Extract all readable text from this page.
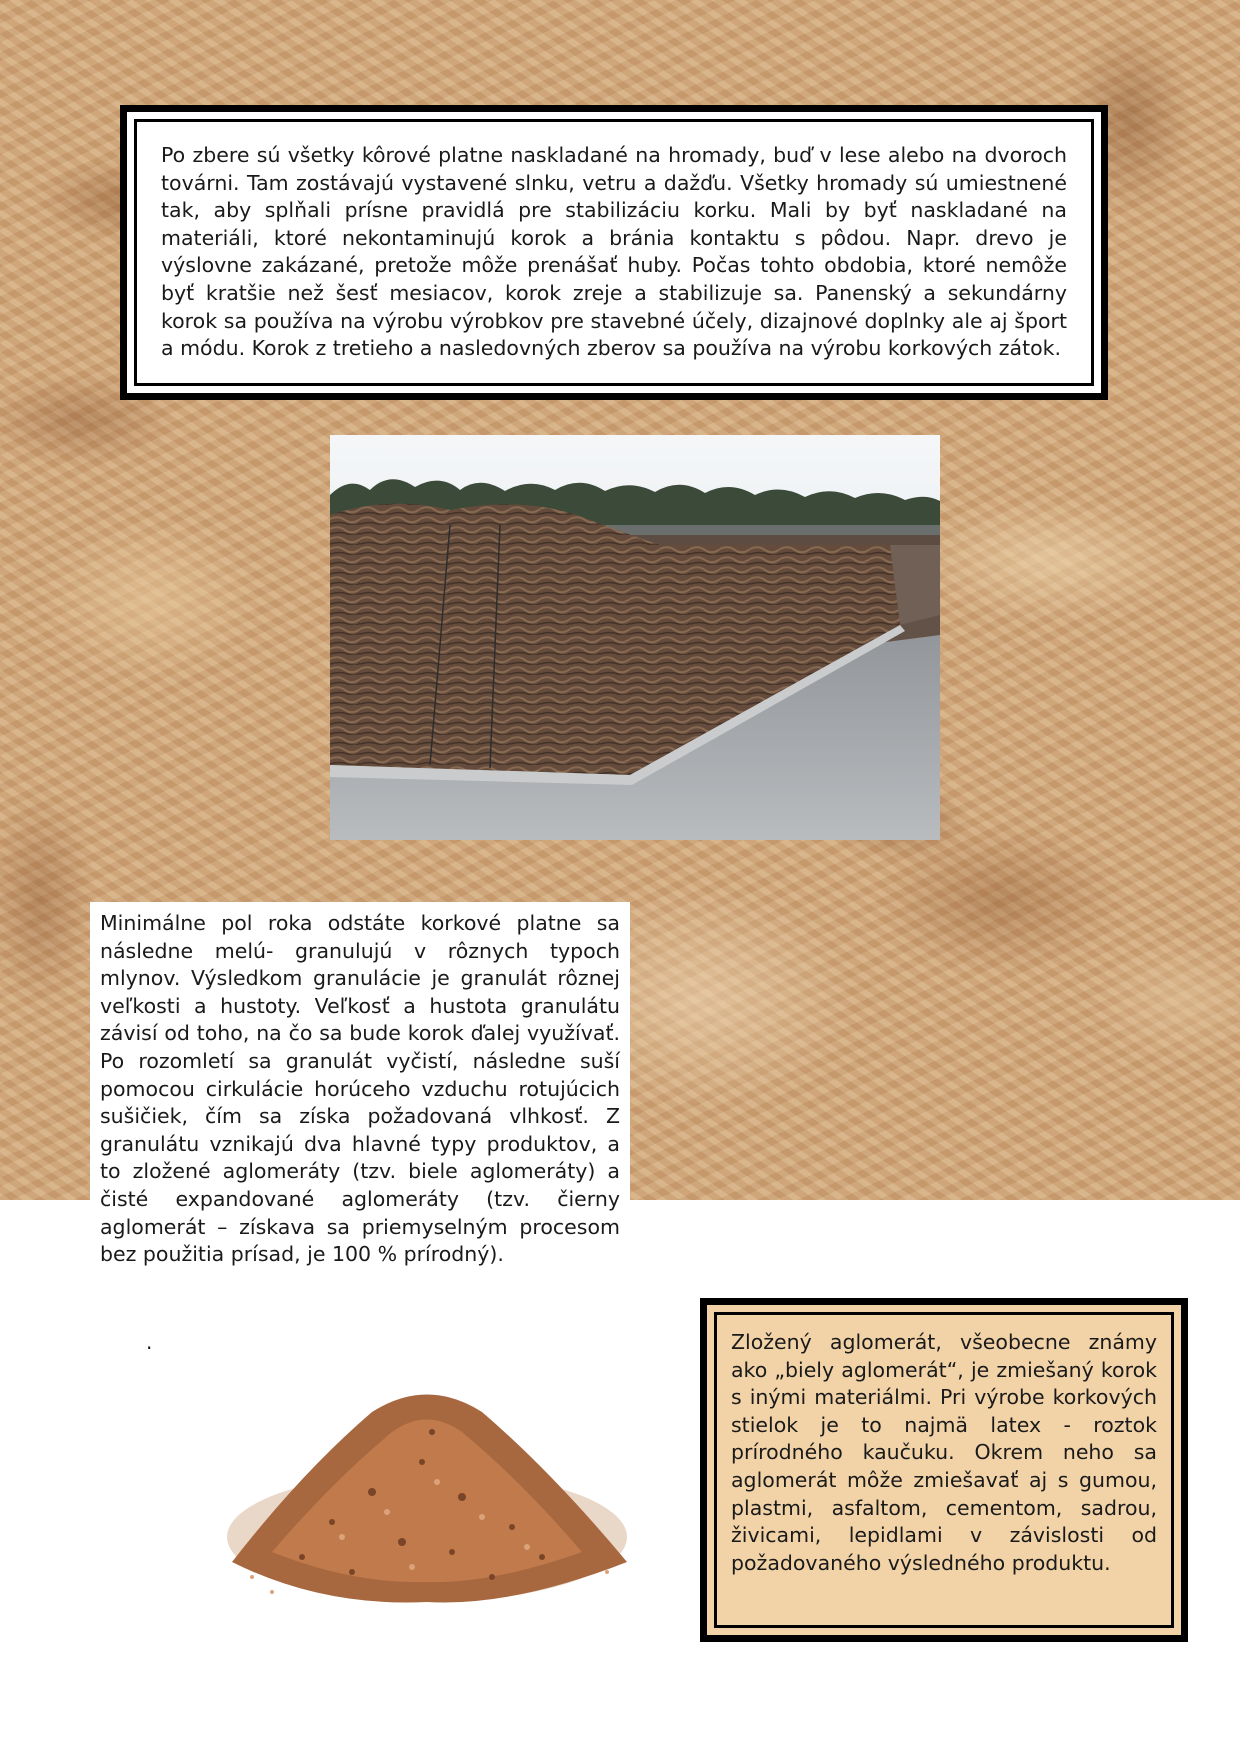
Po zbere sú všetky kôrové platne naskladané na hromady, buď v lese alebo na dvoroch továrni. Tam zostávajú vystavené slnku, vetru a dažďu. Všetky hromady sú umiestnené tak, aby splňali prísne pravidlá pre stabilizáciu korku. Mali by byť naskladané na materiáli, ktoré nekontaminujú korok a bránia kontaktu s pôdou. Napr. drevo je výslovne zakázané, pretože môže prenášať huby. Počas tohto obdobia, ktoré nemôže byť kratšie než šesť mesiacov, korok zreje a stabilizuje sa. Panenský a sekundárny korok sa používa na výrobu výrobkov pre stavebné účely, dizajnové doplnky ale aj šport a módu. Korok z tretieho a nasledovných zberov sa používa na výrobu korkových zátok.

Minimálne pol roka odstáte korkové platne sa následne melú- granulujú v rôznych typoch mlynov. Výsledkom granulácie je granulát rôznej veľkosti a hustoty. Veľkosť a hustota granulátu závisí od toho, na čo sa bude korok ďalej využívať. Po rozomletí sa granulát vyčistí, následne suší pomocou cirkulácie horúceho vzduchu rotujúcich sušičiek, čím sa získa požadovaná vlhkosť. Z granulátu vznikajú dva hlavné typy produktov, a to zložené aglomeráty (tzv. biele aglomeráty) a čisté expandované aglomeráty (tzv. čierny aglomerát – získava sa priemyselným procesom bez použitia prísad, je 100 % prírodný).

.	Zložený aglomerát, všeobecne známy ako „biely aglomerát“, je zmiešaný korok s inými materiálmi. Pri výrobe korkových stielok je to najmä latex - roztok prírodného kaučuku. Okrem neho sa aglomerát môže zmiešavať aj s gumou, plastmi, asfaltom, cementom, sadrou, živicami, lepidlami v závislosti od požadovaného výsledného produktu.
